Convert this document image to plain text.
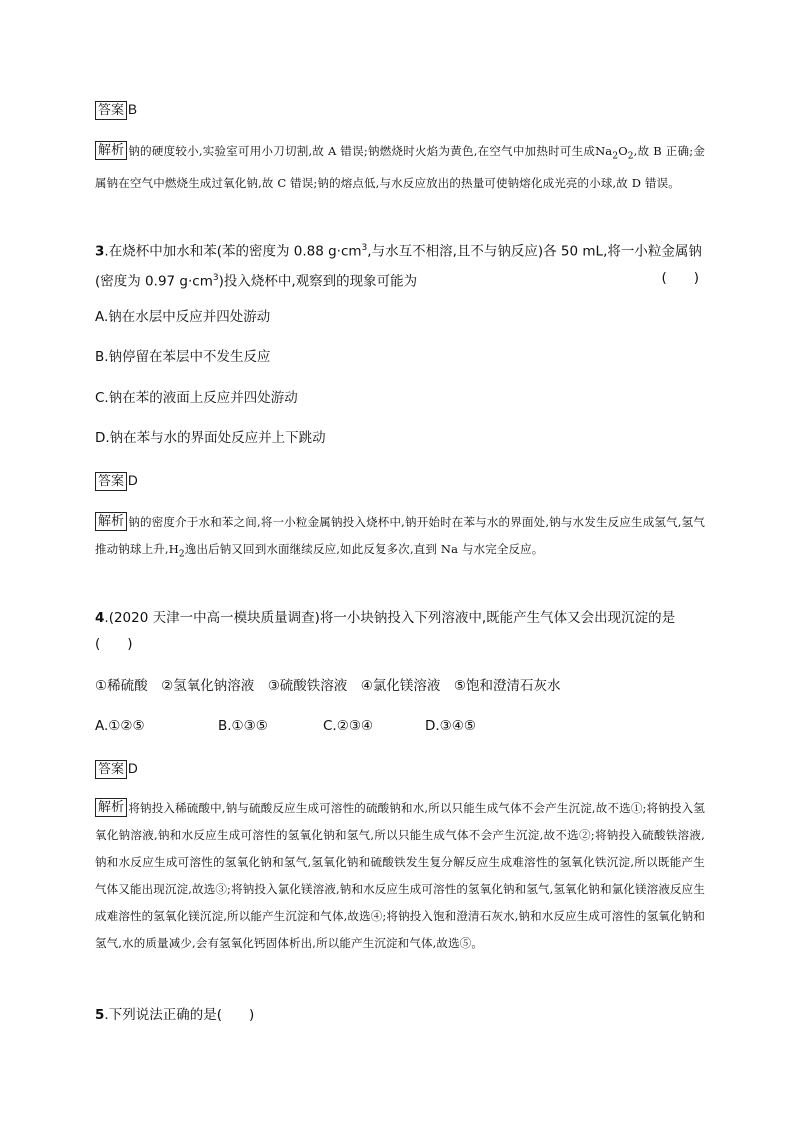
答案 B
解析 钠的硬度较小,实验室可用小刀切割,故 A 错误;钠燃烧时火焰为黄色,在空气中加热时可生成$Na_2O_2$,故 B 正确;金属钠在空气中燃烧生成过氧化钠,故 C 错误;钠的熔点低,与水反应放出的热量可使钠熔化成光亮的小球,故 D 错误。
3.在烧杯中加水和苯(苯的密度为 0.88 $g\cdot cm^3$,与水互不相溶,且不与钠反应)各 50 mL,将一小粒金属钠(密度为 0.97 $g\cdot cm^3$)投入烧杯中,观察到的现象可能为	(　　)
A.钠在水层中反应并四处游动
B.钠停留在苯层中不发生反应
C.钠在苯的液面上反应并四处游动
D.钠在苯与水的界面处反应并上下跳动
答案 D
解析 钠的密度介于水和苯之间,将一小粒金属钠投入烧杯中,钠开始时在苯与水的界面处,钠与水发生反应生成氢气,氢气推动钠球上升$,H_2$逸出后钠又回到水面继续反应,如此反复多次,直到 Na 与水完全反应。
4.(2020 天津一中高一模块质量调查)将一小块钠投入下列溶液中,既能产生气体又会出现沉淀的是
(　　)
①稀硫酸　②氢氧化钠溶液　③硫酸铁溶液　④氯化镁溶液　⑤饱和澄清石灰水
A.①②⑤	B.①③⑤	C.②③④	D.③④⑤
答案 D
解析 将钠投入稀硫酸中,钠与硫酸反应生成可溶性的硫酸钠和水,所以只能生成气体不会产生沉淀,故不选①;将钠投入氢氧化钠溶液,钠和水反应生成可溶性的氢氧化钠和氢气,所以只能生成气体不会产生沉淀,故不选②;将钠投入硫酸铁溶液,钠和水反应生成可溶性的氢氧化钠和氢气,氢氧化钠和硫酸铁发生复分解反应生成难溶性的氢氧化铁沉淀,所以既能产生气体又能出现沉淀,故选③;将钠投入氯化镁溶液,钠和水反应生成可溶性的氢氧化钠和氢气,氢氧化钠和氯化镁溶液反应生成难溶性的氢氧化镁沉淀,所以能产生沉淀和气体,故选④;将钠投入饱和澄清石灰水,钠和水反应生成可溶性的氢氧化钠和氢气,水的质量减少,会有氢氧化钙固体析出,所以能产生沉淀和气体,故选⑤。
5.下列说法正确的是(　　)
